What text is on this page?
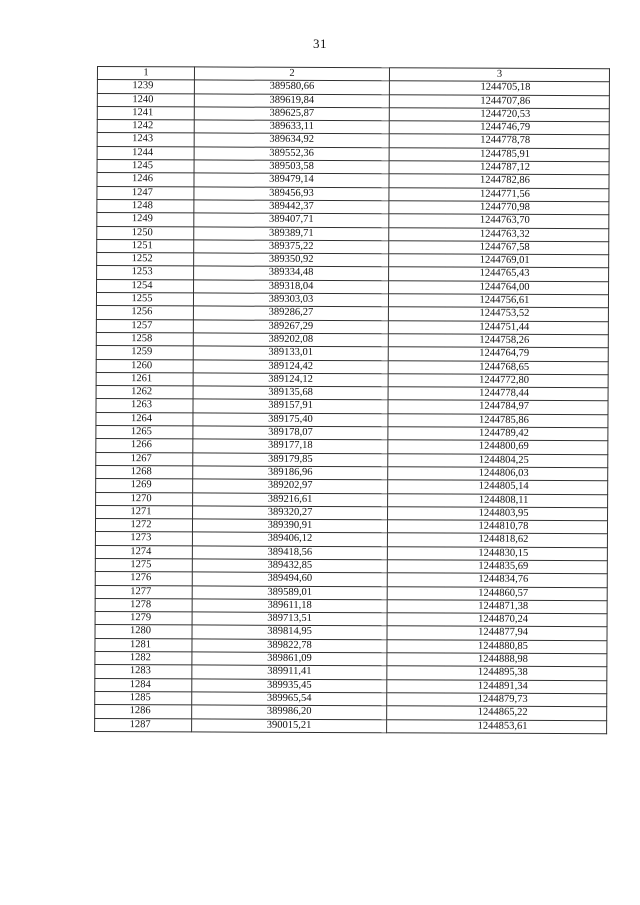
31
1	2	3
1239	389580,66	1244705,18
1240	389619,84	1244707,86
1241	389625,87	1244720,53
1242	389633,11	1244746,79
1243	389634,92	1244778,78
1244	389552,36	1244785,91
1245	389503,58	1244787,12
1246	389479,14	1244782,86
1247	389456,93	1244771,56
1248	389442,37	1244770,98
1249	389407,71	1244763,70
1250	389389,71	1244763,32
1251	389375,22	1244767,58
1252	389350,92	1244769,01
1253	389334,48	1244765,43
1254	389318,04	1244764,00
1255	389303,03	1244756,61
1256	389286,27	1244753,52
1257	389267,29	1244751,44
1258	389202,08	1244758,26
1259	389133,01	1244764,79
1260	389124,42	1244768,65
1261	389124,12	1244772,80
1262	389135,68	1244778,44
1263	389157,91	1244784,97
1264	389175,40	1244785,86
1265	389178,07	1244789,42
1266	389177,18	1244800,69
1267	389179,85	1244804,25
1268	389186,96	1244806,03
1269	389202,97	1244805,14
1270	389216,61	1244808,11
1271	389320,27	1244803,95
1272	389390,91	1244810,78
1273	389406,12	1244818,62
1274	389418,56	1244830,15
1275	389432,85	1244835,69
1276	389494,60	1244834,76
1277	389589,01	1244860,57
1278	389611,18	1244871,38
1279	389713,51	1244870,24
1280	389814,95	1244877,94
1281	389822,78	1244880,85
1282	389861,09	1244888,98
1283	389911,41	1244895,38
1284	389935,45	1244891,34
1285	389965,54	1244879,73
1286	389986,20	1244865,22
1287	390015,21	1244853,61
